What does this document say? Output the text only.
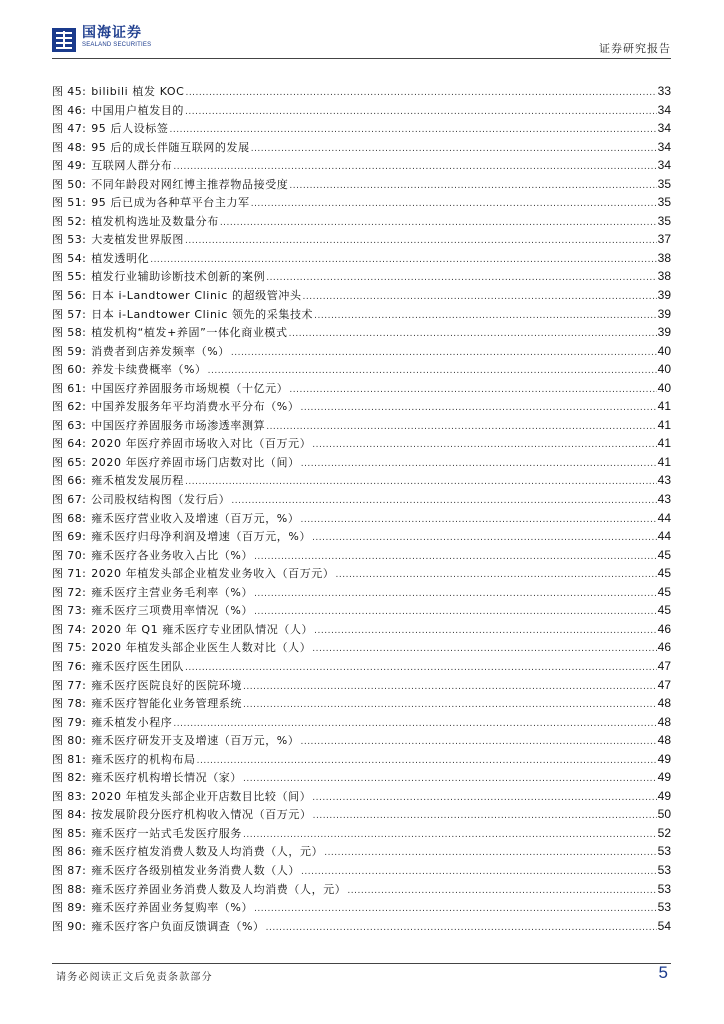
国海证券
SEALAND SECURITIES	证券研究报告
图 45: bilibili 植发 KOC .....	33
图 46: 中国用户植发目的 .....	34
图 47: 95 后人设标签 .....	34
图 48: 95 后的成长伴随互联网的发展 .....	34
图 49: 互联网人群分布 .....	34
图 50: 不同年龄段对网红博主推荐物品接受度 .....	35
图 51: 95 后已成为各种草平台主力军 .....	35
图 52: 植发机构选址及数量分布 .....	35
图 53: 大麦植发世界版图 .....	37
图 54: 植发透明化 .....	38
图 55: 植发行业辅助诊断技术创新的案例 .....	38
图 56: 日本 i-Landtower Clinic 的超级管冲头 .....	39
图 57: 日本 i-Landtower Clinic 领先的采集技术 .....	39
图 58: 植发机构“植发+养固”一体化商业模式 .....	39
图 59: 消费者到店养发频率（%） .....	40
图 60: 养发卡续费概率（%） .....	40
图 61: 中国医疗养固服务市场规模（十亿元） .....	40
图 62: 中国养发服务年平均消费水平分布（%） .....	41
图 63: 中国医疗养固服务市场渗透率测算 .....	41
图 64: 2020 年医疗养固市场收入对比（百万元） .....	41
图 65: 2020 年医疗养固市场门店数对比（间） .....	41
图 66: 雍禾植发发展历程 .....	43
图 67: 公司股权结构图（发行后） .....	43
图 68: 雍禾医疗营业收入及增速（百万元，%） .....	44
图 69: 雍禾医疗归母净利润及增速（百万元，%） .....	44
图 70: 雍禾医疗各业务收入占比（%） .....	45
图 71: 2020 年植发头部企业植发业务收入（百万元） .....	45
图 72: 雍禾医疗主营业务毛利率（%） .....	45
图 73: 雍禾医疗三项费用率情况（%） .....	45
图 74: 2020 年 Q1 雍禾医疗专业团队情况（人） .....	46
图 75: 2020 年植发头部企业医生人数对比（人） .....	46
图 76: 雍禾医疗医生团队 .....	47
图 77: 雍禾医疗医院良好的医院环境 .....	47
图 78: 雍禾医疗智能化业务管理系统 .....	48
图 79: 雍禾植发小程序 .....	48
图 80: 雍禾医疗研发开支及增速（百万元，%） .....	48
图 81: 雍禾医疗的机构布局 .....	49
图 82: 雍禾医疗机构增长情况（家） .....	49
图 83: 2020 年植发头部企业开店数目比较（间） .....	49
图 84: 按发展阶段分医疗机构收入情况（百万元） .....	50
图 85: 雍禾医疗一站式毛发医疗服务 .....	52
图 86: 雍禾医疗植发消费人数及人均消费（人，元） .....	53
图 87: 雍禾医疗各级别植发业务消费人数（人） .....	53
图 88: 雍禾医疗养固业务消费人数及人均消费（人，元） .....	53
图 89: 雍禾医疗养固业务复购率（%） .....	53
图 90: 雍禾医疗客户负面反馈调查（%） .....	54
请务必阅读正文后免责条款部分	5
